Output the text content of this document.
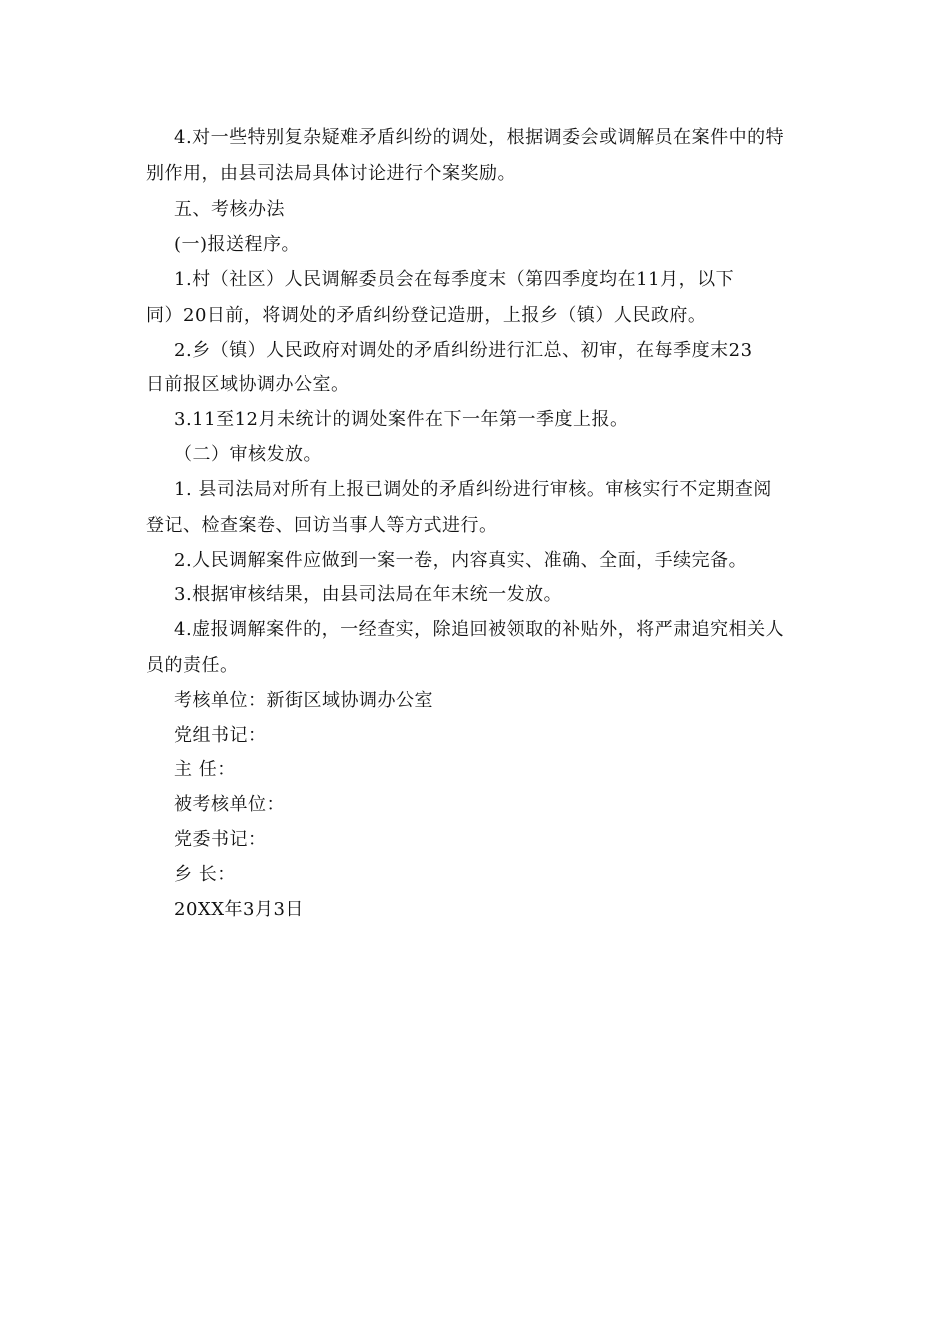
4.对一些特别复杂疑难矛盾纠纷的调处，根据调委会或调解员在案件中的特
别作用，由县司法局具体讨论进行个案奖励。
五、考核办法
(一)报送程序。
1.村（社区）人民调解委员会在每季度末（第四季度均在11月，以下
同）20日前，将调处的矛盾纠纷登记造册，上报乡（镇）人民政府。
2.乡（镇）人民政府对调处的矛盾纠纷进行汇总、初审，在每季度末23
日前报区域协调办公室。
3.11至12月未统计的调处案件在下一年第一季度上报。
（二）审核发放。
1. 县司法局对所有上报已调处的矛盾纠纷进行审核。审核实行不定期查阅
登记、检查案卷、回访当事人等方式进行。
2.人民调解案件应做到一案一卷，内容真实、准确、全面，手续完备。
3.根据审核结果，由县司法局在年末统一发放。
4.虚报调解案件的，一经查实，除追回被领取的补贴外，将严肃追究相关人
员的责任。
考核单位：新街区域协调办公室
党组书记：
主 任：
被考核单位：
党委书记：
乡 长：
20XX年3月3日
